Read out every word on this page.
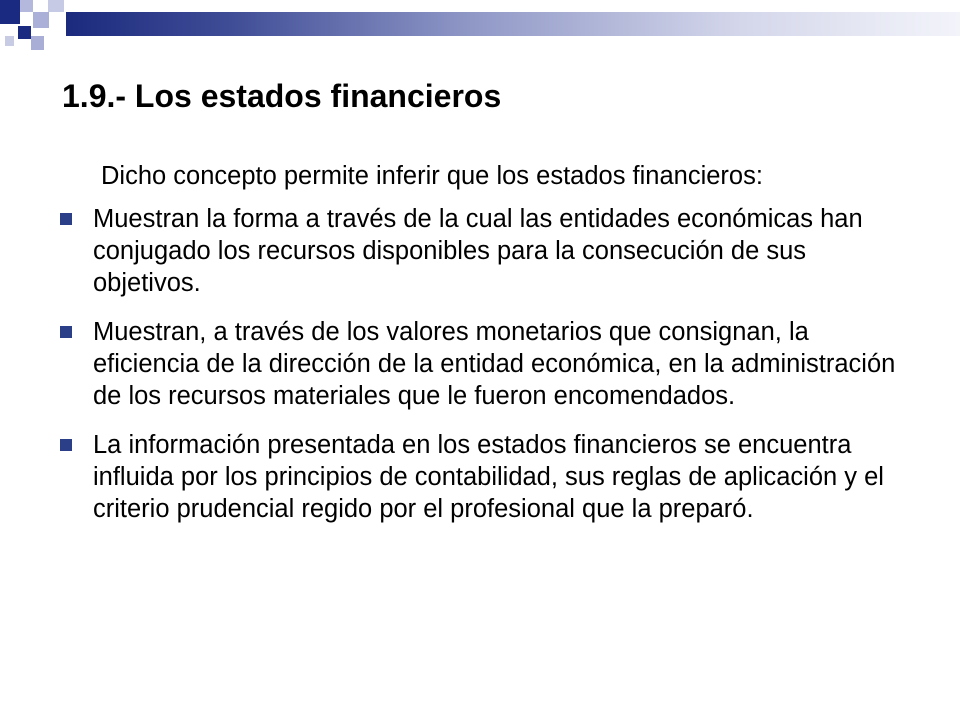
1.9.- Los estados financieros

Dicho concepto permite inferir que los estados financieros:

Muestran la forma a través de la cual las entidades económicas han conjugado los recursos disponibles para la consecución de sus objetivos.
Muestran, a través de los valores monetarios que consignan, la eficiencia de la dirección de la entidad económica, en la administración de los recursos materiales que le fueron encomendados.
La información presentada en los estados financieros se encuentra influida por los principios de contabilidad, sus reglas de aplicación y el criterio prudencial regido por el profesional que la preparó.
